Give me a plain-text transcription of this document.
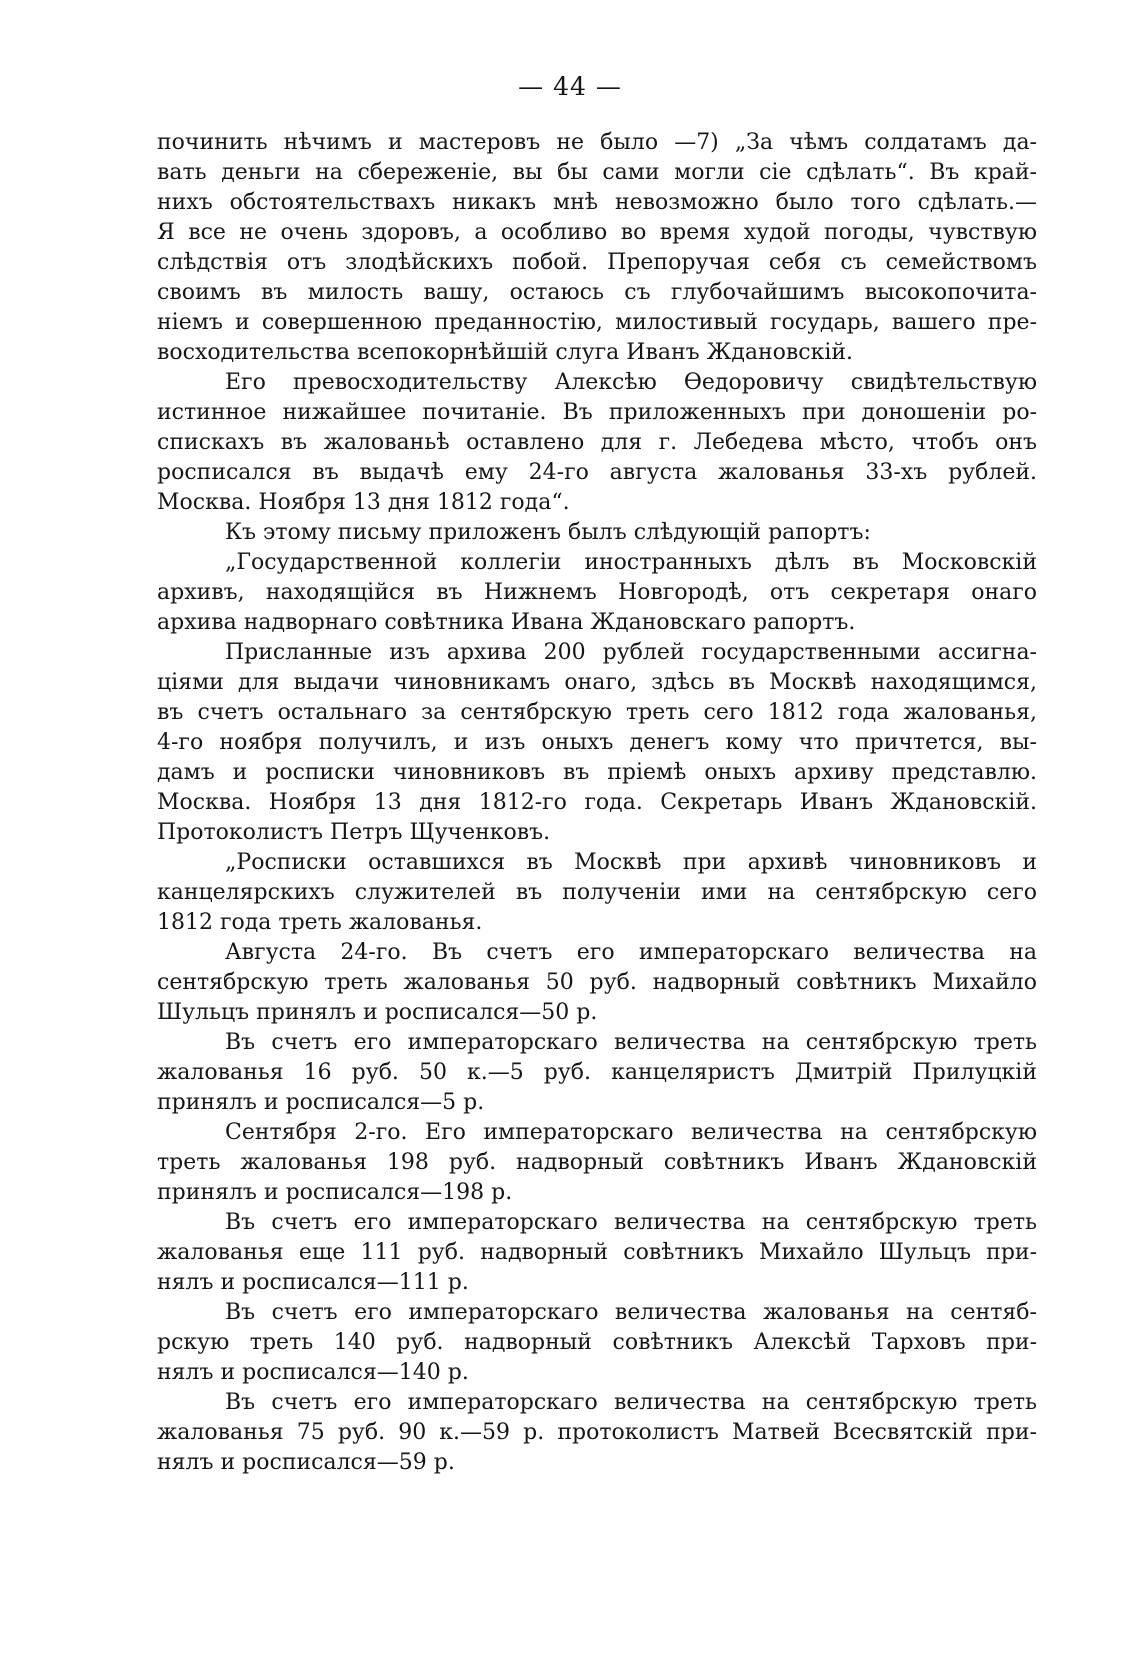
— 44 —
починить нѣчимъ и мастеровъ не было —7) „За чѣмъ солдатамъ да-
вать деньги на сбереженіе, вы бы сами могли сіе сдѣлать“. Въ край-
нихъ обстоятельствахъ никакъ мнѣ невозможно было того сдѣлать.—
Я все не очень здоровъ, а особливо во время худой погоды, чувствую
слѣдствія отъ злодѣйскихъ побой. Препоручая себя съ семействомъ
своимъ въ милость вашу, остаюсь съ глубочайшимъ высокопочита-
ніемъ и совершенною преданностію, милостивый государь, вашего пре-
восходительства всепокорнѣйшій слуга Иванъ Ждановскій.
Его превосходительству Алексѣю Ѳедоровичу свидѣтельствую
истинное нижайшее почитаніе. Въ приложенныхъ при доношеніи ро-
спискахъ въ жалованьѣ оставлено для г. Лебедева мѣсто, чтобъ онъ
росписался въ выдачѣ ему 24-го августа жалованья 33-хъ рублей.
Москва. Ноября 13 дня 1812 года“.
Къ этому письму приложенъ былъ слѣдующій рапортъ:
„Государственной коллегіи иностранныхъ дѣлъ въ Московскій
архивъ, находящійся въ Нижнемъ Новгородѣ, отъ секретаря онаго
архива надворнаго совѣтника Ивана Ждановскаго рапортъ.
Присланные изъ архива 200 рублей государственными ассигна-
ціями для выдачи чиновникамъ онаго, здѣсь въ Москвѣ находящимся,
въ счетъ остальнаго за сентябрскую треть сего 1812 года жалованья,
4-го ноября получилъ, и изъ оныхъ денегъ кому что причтется, вы-
дамъ и росписки чиновниковъ въ пріемѣ оныхъ архиву представлю.
Москва. Ноября 13 дня 1812-го года. Секретарь Иванъ Ждановскій.
Протоколистъ Петръ Щученковъ.
„Росписки оставшихся въ Москвѣ при архивѣ чиновниковъ и
канцелярскихъ служителей въ полученіи ими на сентябрскую сего
1812 года треть жалованья.
Августа 24-го. Въ счетъ его императорскаго величества на
сентябрскую треть жалованья 50 руб. надворный совѣтникъ Михайло
Шульцъ принялъ и росписался—50 р.
Въ счетъ его императорскаго величества на сентябрскую треть
жалованья 16 руб. 50 к.—5 руб. канцеляристъ Дмитрій Прилуцкій
принялъ и росписался—5 р.
Сентября 2-го. Его императорскаго величества на сентябрскую
треть жалованья 198 руб. надворный совѣтникъ Иванъ Ждановскій
принялъ и росписался—198 р.
Въ счетъ его императорскаго величества на сентябрскую треть
жалованья еще 111 руб. надворный совѣтникъ Михайло Шульцъ при-
нялъ и росписался—111 р.
Въ счетъ его императорскаго величества жалованья на сентяб-
рскую треть 140 руб. надворный совѣтникъ Алексѣй Тарховъ при-
нялъ и росписался—140 р.
Въ счетъ его императорскаго величества на сентябрскую треть
жалованья 75 руб. 90 к.—59 р. протоколистъ Матвей Всесвятскій при-
нялъ и росписался—59 р.
